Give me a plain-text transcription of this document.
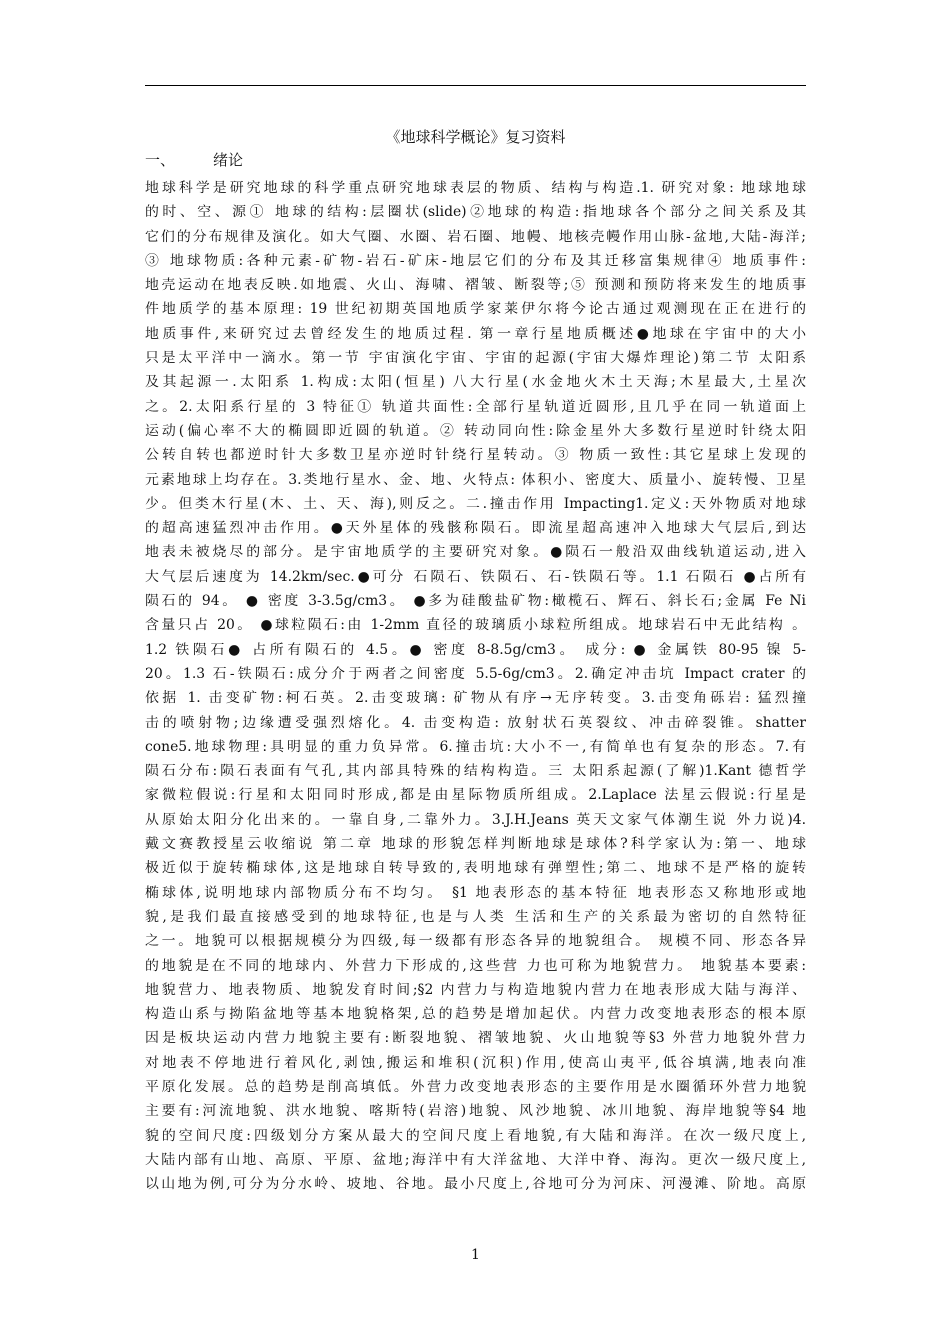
《地球科学概论》复习资料
一、	绪论
地球科学是研究地球的科学重点研究地球表层的物质、结构与构造.1. 研究对象: 地球地球
的时、空、源① 地球的结构:层圈状(slide)②地球的构造:指地球各个部分之间关系及其
它们的分布规律及演化。如大气圈、水圈、岩石圈、地幔、地核壳幔作用山脉-盆地,大陆-海洋;
③ 地球物质:各种元素-矿物-岩石-矿床-地层它们的分布及其迁移富集规律④ 地质事件:
地壳运动在地表反映.如地震、火山、海啸、褶皱、断裂等;⑤ 预测和预防将来发生的地质事
件地质学的基本原理: 19 世纪初期英国地质学家莱伊尔将今论古通过观测现在正在进行的
地质事件,来研究过去曾经发生的地质过程. 第一章行星地质概述●地球在宇宙中的大小
只是太平洋中一滴水。第一节 宇宙演化宇宙、宇宙的起源(宇宙大爆炸理论)第二节 太阳系
及其起源一.太阳系 1.构成:太阳(恒星) 八大行星(水金地火木土天海;木星最大,土星次
之。2.太阳系行星的 3 特征① 轨道共面性:全部行星轨道近圆形,且几乎在同一轨道面上
运动(偏心率不大的椭圆即近圆的轨道。② 转动同向性:除金星外大多数行星逆时针绕太阳
公转自转也都逆时针大多数卫星亦逆时针绕行星转动。③ 物质一致性:其它星球上发现的
元素地球上均存在。3.类地行星水、金、地、火特点: 体积小、密度大、质量小、旋转慢、卫星
少。但类木行星(木、土、天、海),则反之。二.撞击作用 Impacting1.定义:天外物质对地球
的超高速猛烈冲击作用。●天外星体的残骸称陨石。即流星超高速冲入地球大气层后,到达
地表未被烧尽的部分。是宇宙地质学的主要研究对象。●陨石一般沿双曲线轨道运动,进入
大气层后速度为 14.2km/sec.●可分 石陨石、铁陨石、石-铁陨石等。1.1 石陨石 ●占所有
陨石的 94。 ● 密度 3-3.5g/cm3。 ●多为硅酸盐矿物:橄榄石、辉石、斜长石;金属 Fe Ni
含量只占 20。 ●球粒陨石:由 1-2mm 直径的玻璃质小球粒所组成。地球岩石中无此结构 。
1.2 铁陨石● 占所有陨石的 4.5。● 密度 8-8.5g/cm3。 成分: ● 金属铁 80-95 镍 5-
20。1.3 石-铁陨石:成分介于两者之间密度 5.5-6g/cm3。2.确定冲击坑 Impact crater 的
依据 1. 击变矿物:柯石英。2.击变玻璃: 矿物从有序→无序转变。3.击变角砾岩: 猛烈撞
击的喷射物;边缘遭受强烈熔化。4. 击变构造: 放射状石英裂纹、冲击碎裂锥。shatter
cone5.地球物理:具明显的重力负异常。6.撞击坑:大小不一,有简单也有复杂的形态。7.有
陨石分布:陨石表面有气孔,其内部具特殊的结构构造。三 太阳系起源(了解)1.Kant 德哲学
家微粒假说:行星和太阳同时形成,都是由星际物质所组成。2.Laplace 法星云假说:行星是
从原始太阳分化出来的。一靠自身,二靠外力。3.J.H.Jeans 英天文家气体潮生说 外力说)4.
戴文赛教授星云收缩说 第二章 地球的形貌怎样判断地球是球体?科学家认为:第一、地球
极近似于旋转椭球体,这是地球自转导致的,表明地球有弹塑性;第二、地球不是严格的旋转
椭球体,说明地球内部物质分布不均匀。 §1 地表形态的基本特征 地表形态又称地形或地
貌,是我们最直接感受到的地球特征,也是与人类 生活和生产的关系最为密切的自然特征
之一。地貌可以根据规模分为四级,每一级都有形态各异的地貌组合。 规模不同、形态各异
的地貌是在不同的地球内、外营力下形成的,这些营 力也可称为地貌营力。 地貌基本要素:
地貌营力、地表物质、地貌发育时间;§2 内营力与构造地貌内营力在地表形成大陆与海洋、
构造山系与拗陷盆地等基本地貌格架,总的趋势是增加起伏。内营力改变地表形态的根本原
因是板块运动内营力地貌主要有:断裂地貌、褶皱地貌、火山地貌等§3 外营力地貌外营力
对地表不停地进行着风化,剥蚀,搬运和堆积(沉积)作用,使高山夷平,低谷填满,地表向准
平原化发展。总的趋势是削高填低。外营力改变地表形态的主要作用是水圈循环外营力地貌
主要有:河流地貌、洪水地貌、喀斯特(岩溶)地貌、风沙地貌、冰川地貌、海岸地貌等§4 地
貌的空间尺度:四级划分方案从最大的空间尺度上看地貌,有大陆和海洋。在次一级尺度上,
大陆内部有山地、高原、平原、盆地;海洋中有大洋盆地、大洋中脊、海沟。更次一级尺度上,
以山地为例,可分为分水岭、坡地、谷地。最小尺度上,谷地可分为河床、河漫滩、阶地。高原
1
